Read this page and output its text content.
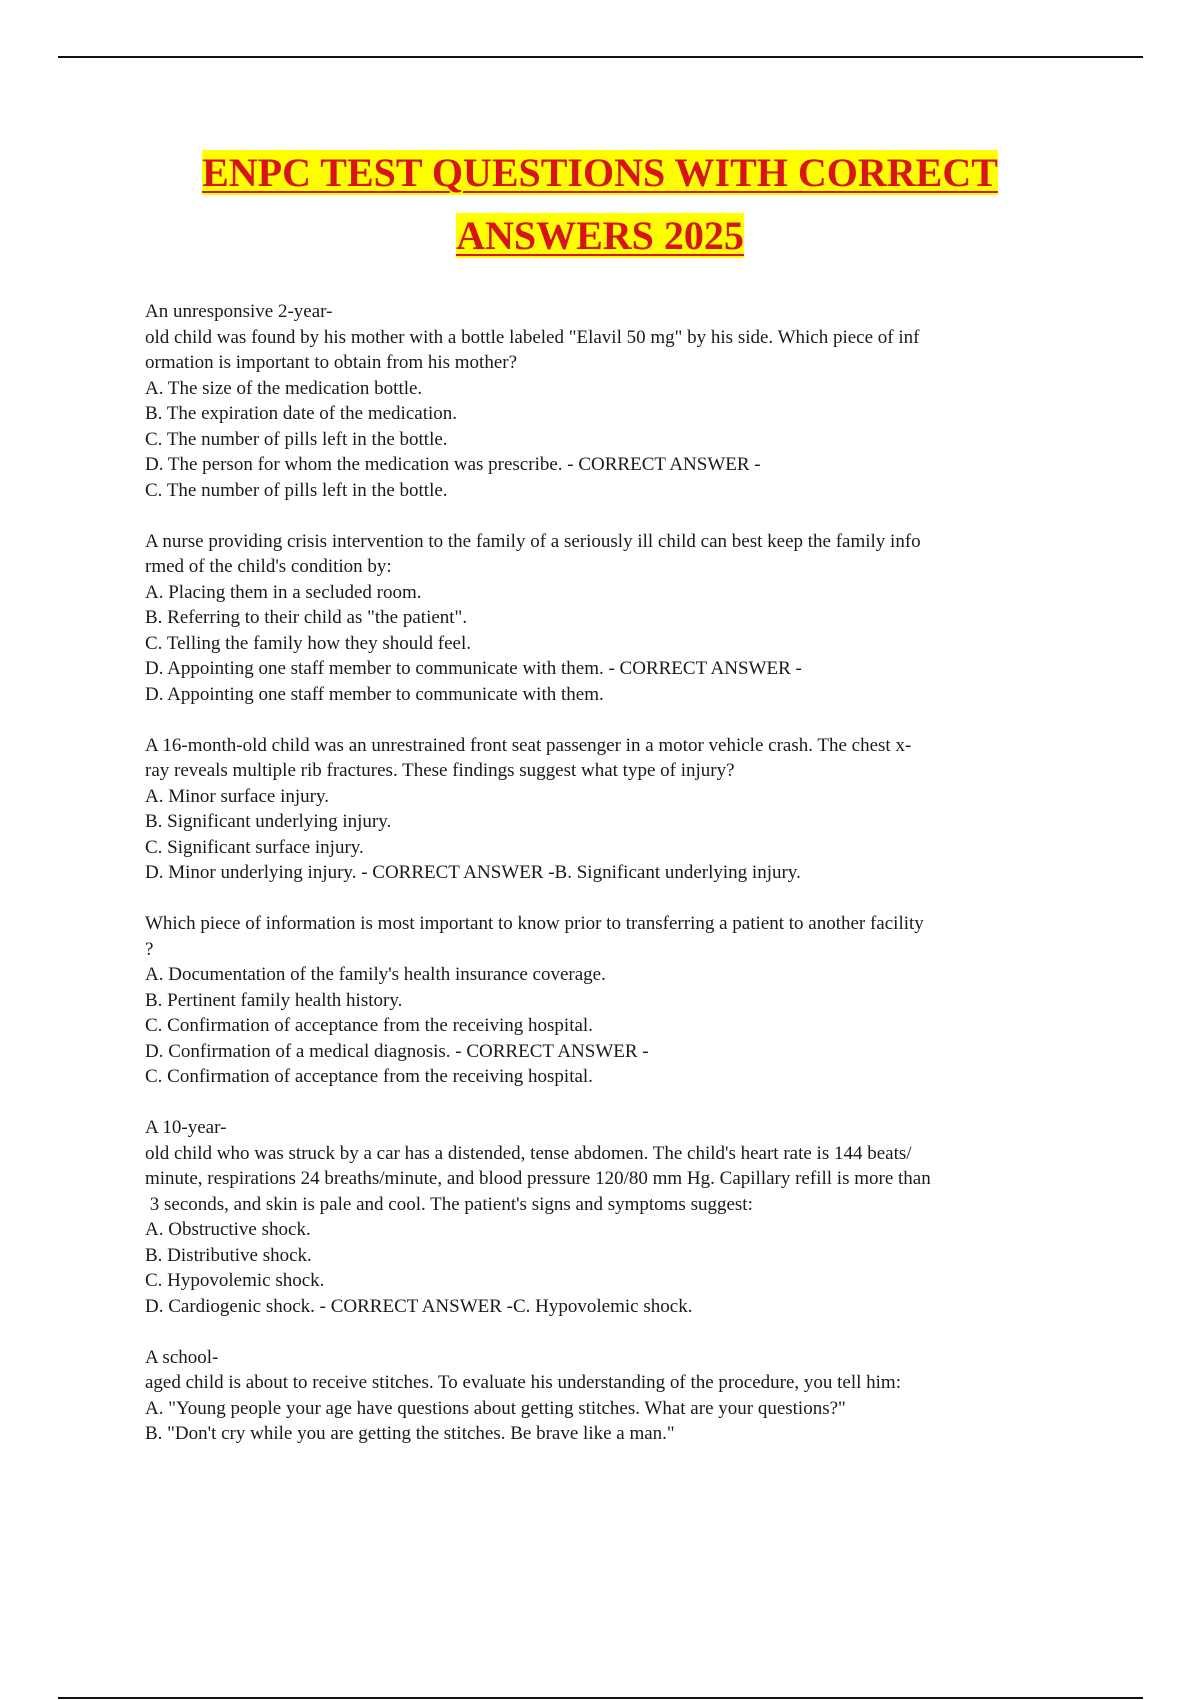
ENPC TEST QUESTIONS WITH CORRECT
ANSWERS 2025
An unresponsive 2-year-
old child was found by his mother with a bottle labeled "Elavil 50 mg" by his side. Which piece of inf
ormation is important to obtain from his mother?
A. The size of the medication bottle.
B. The expiration date of the medication.
C. The number of pills left in the bottle.
D. The person for whom the medication was prescribe. - CORRECT ANSWER -
C. The number of pills left in the bottle.
A nurse providing crisis intervention to the family of a seriously ill child can best keep the family info
rmed of the child's condition by:
A. Placing them in a secluded room.
B. Referring to their child as "the patient".
C. Telling the family how they should feel.
D. Appointing one staff member to communicate with them. - CORRECT ANSWER -
D. Appointing one staff member to communicate with them.
A 16-month-old child was an unrestrained front seat passenger in a motor vehicle crash. The chest x-
ray reveals multiple rib fractures. These findings suggest what type of injury?
A. Minor surface injury.
B. Significant underlying injury.
C. Significant surface injury.
D. Minor underlying injury. - CORRECT ANSWER -B. Significant underlying injury.
Which piece of information is most important to know prior to transferring a patient to another facility
?
A. Documentation of the family's health insurance coverage.
B. Pertinent family health history.
C. Confirmation of acceptance from the receiving hospital.
D. Confirmation of a medical diagnosis. - CORRECT ANSWER -
C. Confirmation of acceptance from the receiving hospital.
A 10-year-
old child who was struck by a car has a distended, tense abdomen. The child's heart rate is 144 beats/
minute, respirations 24 breaths/minute, and blood pressure 120/80 mm Hg. Capillary refill is more than
3 seconds, and skin is pale and cool. The patient's signs and symptoms suggest:
A. Obstructive shock.
B. Distributive shock.
C. Hypovolemic shock.
D. Cardiogenic shock. - CORRECT ANSWER -C. Hypovolemic shock.
A school-
aged child is about to receive stitches. To evaluate his understanding of the procedure, you tell him:
A. "Young people your age have questions about getting stitches. What are your questions?"
B. "Don't cry while you are getting the stitches. Be brave like a man."
